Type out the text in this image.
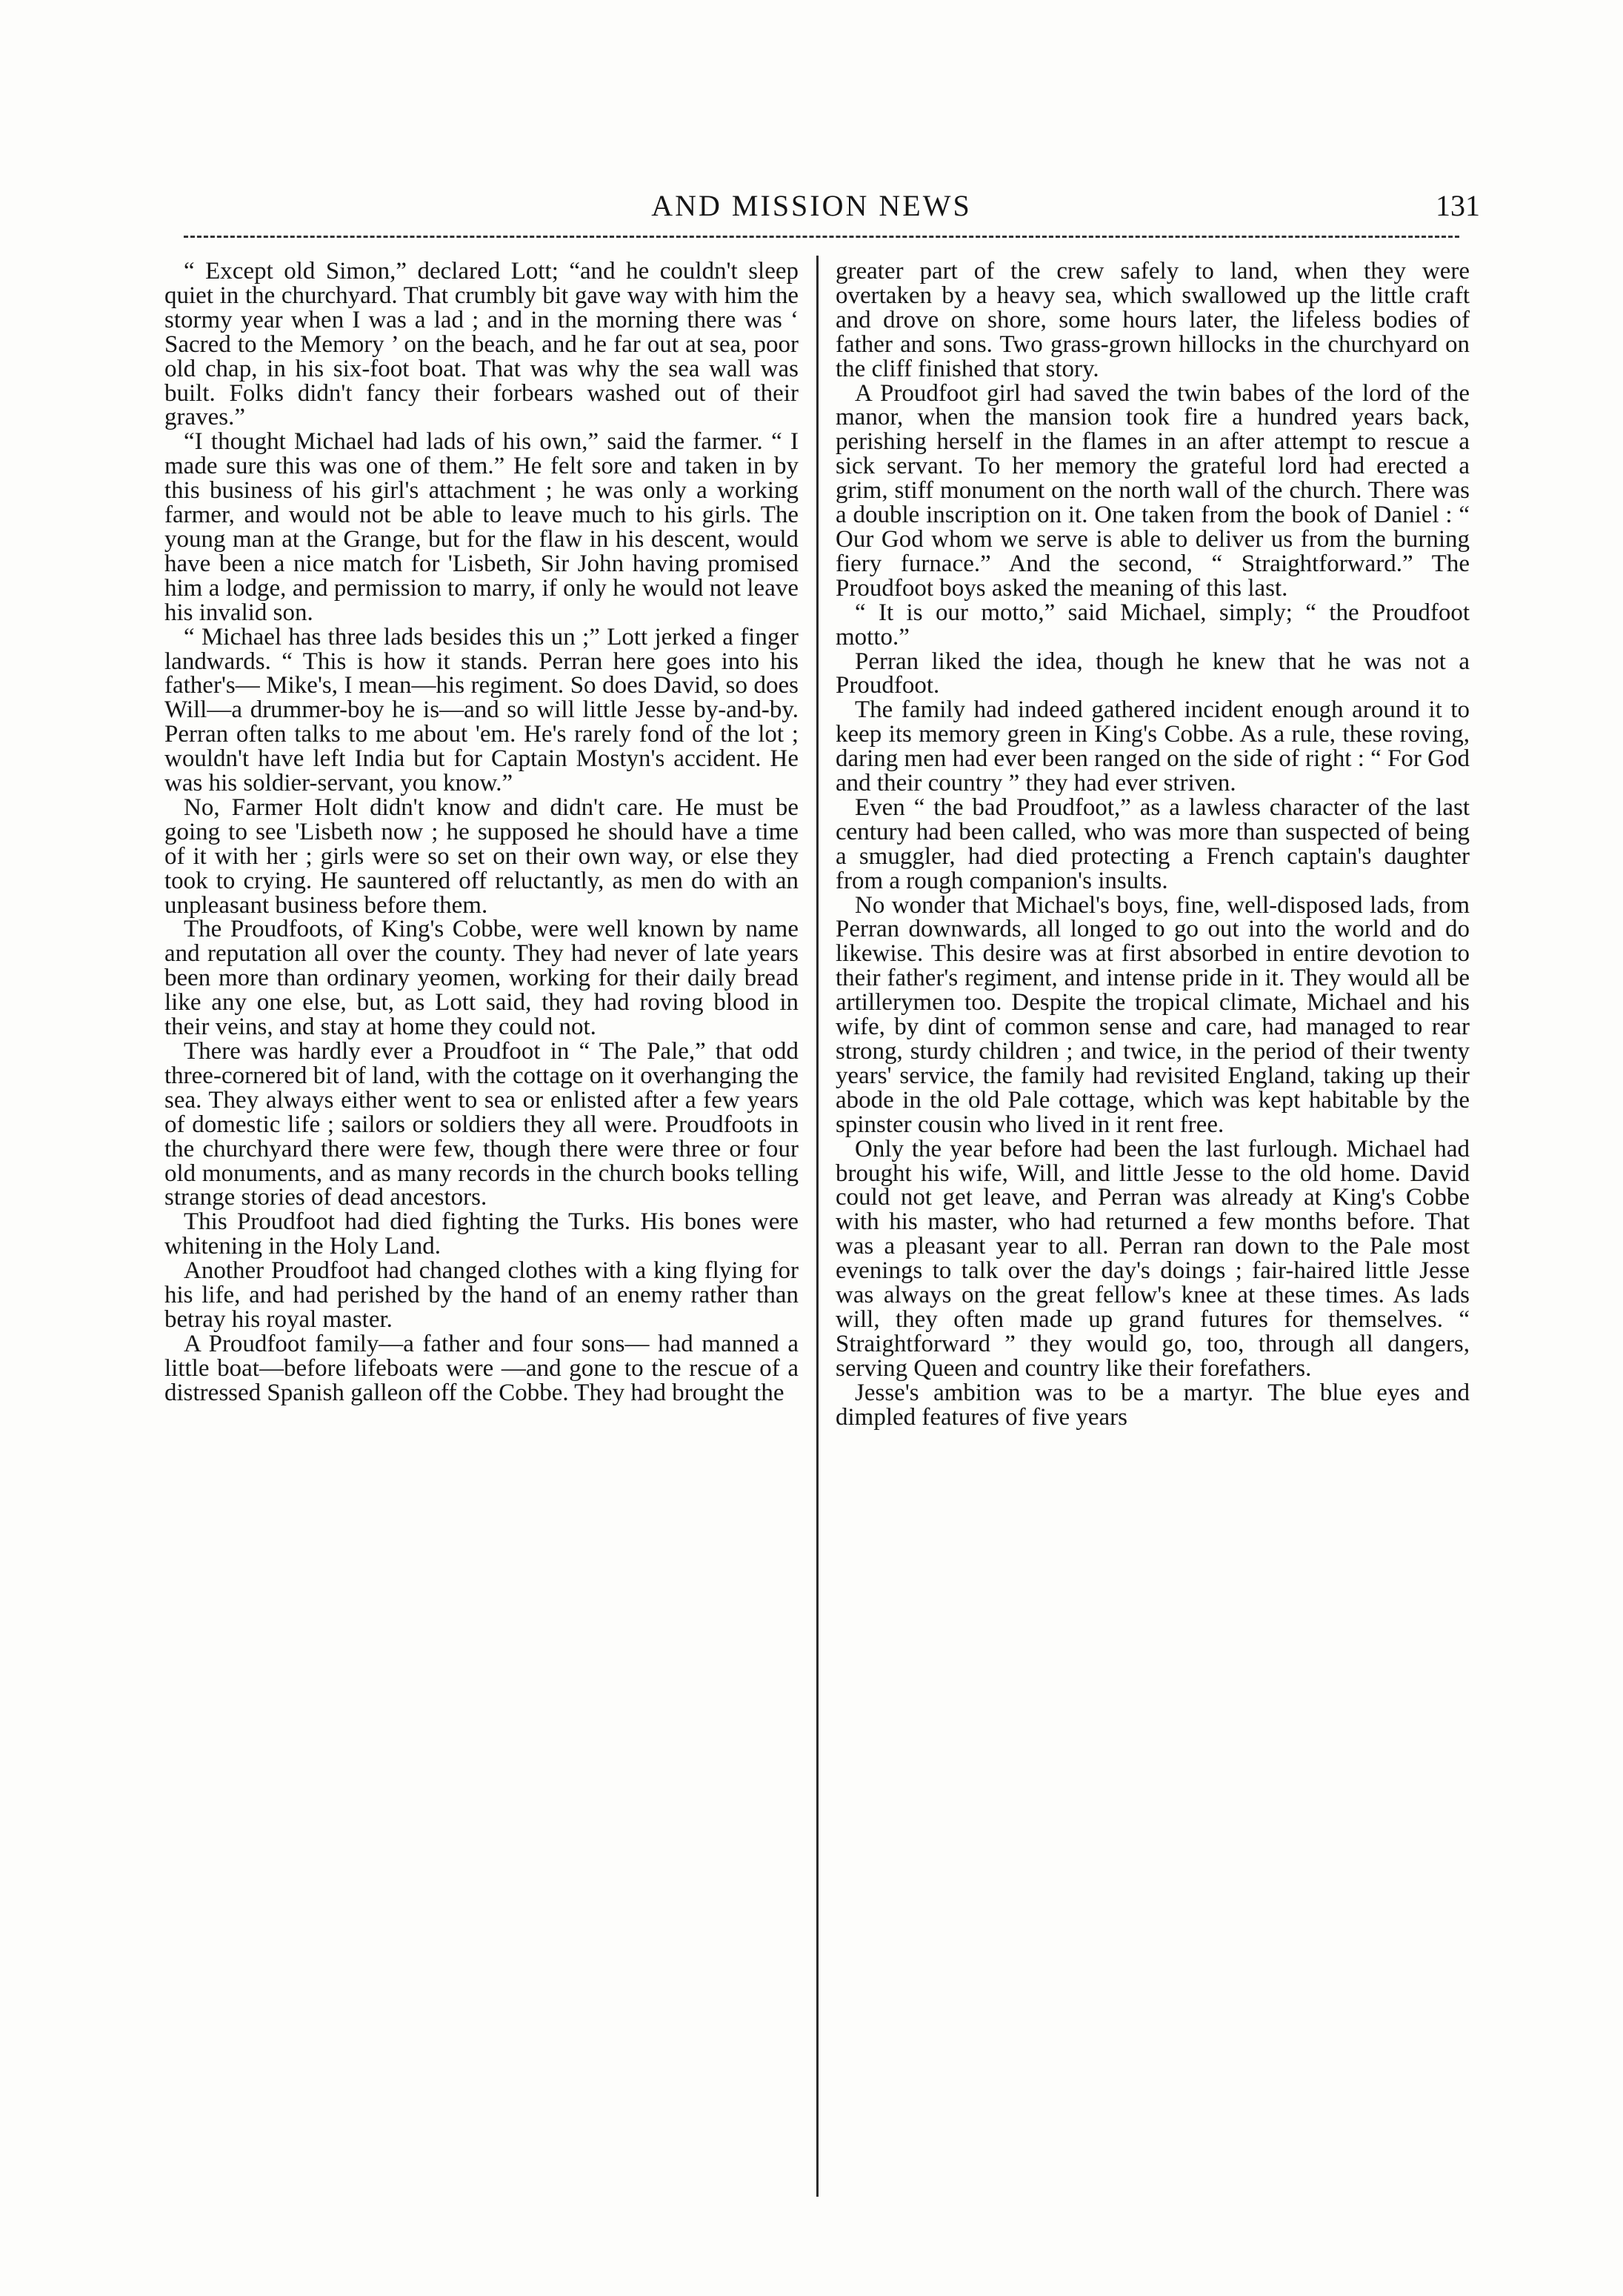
AND MISSION NEWS	131

“ Except old Simon,” declared Lott; “and he couldn't sleep quiet in the churchyard. That crumbly bit gave way with him the stormy year when I was a lad ; and in the morning there was ‘ Sacred to the Memory ’ on the beach, and he far out at sea, poor old chap, in his six-foot boat. That was why the sea wall was built. Folks didn't fancy their forbears washed out of their graves.”

“I thought Michael had lads of his own,” said the farmer. “ I made sure this was one of them.” He felt sore and taken in by this business of his girl's attachment ; he was only a working farmer, and would not be able to leave much to his girls. The young man at the Grange, but for the flaw in his descent, would have been a nice match for 'Lisbeth, Sir John having promised him a lodge, and permission to marry, if only he would not leave his invalid son.

“ Michael has three lads besides this un ;” Lott jerked a finger landwards. “ This is how it stands. Perran here goes into his father's— Mike's, I mean—his regiment. So does David, so does Will—a drummer-boy he is—and so will little Jesse by-and-by. Perran often talks to me about 'em. He's rarely fond of the lot ; wouldn't have left India but for Captain Mostyn's accident. He was his soldier-servant, you know.”

No, Farmer Holt didn't know and didn't care. He must be going to see 'Lisbeth now ; he supposed he should have a time of it with her ; girls were so set on their own way, or else they took to crying. He sauntered off reluctantly, as men do with an unpleasant business before them.

The Proudfoots, of King's Cobbe, were well known by name and reputation all over the county. They had never of late years been more than ordinary yeomen, working for their daily bread like any one else, but, as Lott said, they had roving blood in their veins, and stay at home they could not.

There was hardly ever a Proudfoot in “ The Pale,” that odd three-cornered bit of land, with the cottage on it overhanging the sea. They always either went to sea or enlisted after a few years of domestic life ; sailors or soldiers they all were. Proudfoots in the churchyard there were few, though there were three or four old monuments, and as many records in the church books telling strange stories of dead ancestors.

This Proudfoot had died fighting the Turks. His bones were whitening in the Holy Land.

Another Proudfoot had changed clothes with a king flying for his life, and had perished by the hand of an enemy rather than betray his royal master.

A Proudfoot family—a father and four sons— had manned a little boat—before lifeboats were —and gone to the rescue of a distressed Spanish galleon off the Cobbe. They had brought the

greater part of the crew safely to land, when they were overtaken by a heavy sea, which swallowed up the little craft and drove on shore, some hours later, the lifeless bodies of father and sons. Two grass-grown hillocks in the churchyard on the cliff finished that story.

A Proudfoot girl had saved the twin babes of the lord of the manor, when the mansion took fire a hundred years back, perishing herself in the flames in an after attempt to rescue a sick servant. To her memory the grateful lord had erected a grim, stiff monument on the north wall of the church. There was a double inscription on it. One taken from the book of Daniel : “ Our God whom we serve is able to deliver us from the burning fiery furnace.” And the second, “ Straightforward.” The Proudfoot boys asked the meaning of this last.

“ It is our motto,” said Michael, simply; “ the Proudfoot motto.”

Perran liked the idea, though he knew that he was not a Proudfoot.

The family had indeed gathered incident enough around it to keep its memory green in King's Cobbe. As a rule, these roving, daring men had ever been ranged on the side of right : “ For God and their country ” they had ever striven.

Even “ the bad Proudfoot,” as a lawless character of the last century had been called, who was more than suspected of being a smuggler, had died protecting a French captain's daughter from a rough companion's insults.

No wonder that Michael's boys, fine, well-disposed lads, from Perran downwards, all longed to go out into the world and do likewise. This desire was at first absorbed in entire devotion to their father's regiment, and intense pride in it. They would all be artillerymen too. Despite the tropical climate, Michael and his wife, by dint of common sense and care, had managed to rear strong, sturdy children ; and twice, in the period of their twenty years' service, the family had revisited England, taking up their abode in the old Pale cottage, which was kept habitable by the spinster cousin who lived in it rent free.

Only the year before had been the last furlough. Michael had brought his wife, Will, and little Jesse to the old home. David could not get leave, and Perran was already at King's Cobbe with his master, who had returned a few months before. That was a pleasant year to all. Perran ran down to the Pale most evenings to talk over the day's doings ; fair-haired little Jesse was always on the great fellow's knee at these times. As lads will, they often made up grand futures for themselves. “ Straightforward ” they would go, too, through all dangers, serving Queen and country like their forefathers.

Jesse's ambition was to be a martyr. The blue eyes and dimpled features of five years
